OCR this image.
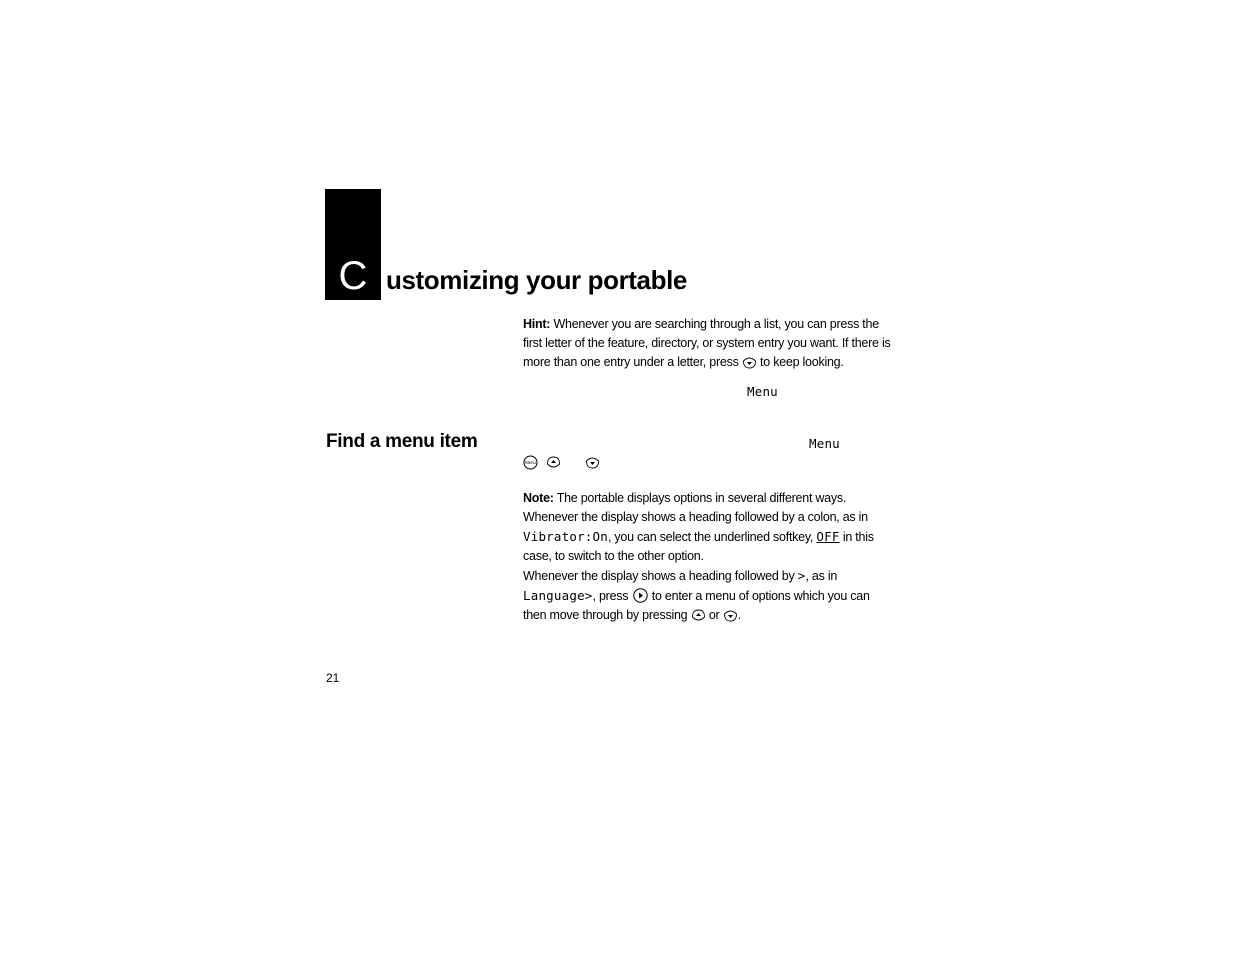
C ustomizing your portable
Hint: Whenever you are searching through a list, you can press the
first letter of the feature, directory, or system entry you want. If there is
more than one entry under a letter, press to keep looking.
Menu
Find a menu item	Menu
Menu
Note: The portable displays options in several different ways.
Whenever the display shows a heading followed by a colon, as in
Vibrator:On, you can select the underlined softkey, OFF in this
case, to switch to the other option.
Whenever the display shows a heading followed by >, as in
Language>, press to enter a menu of options which you can
then move through by pressing or .
21
